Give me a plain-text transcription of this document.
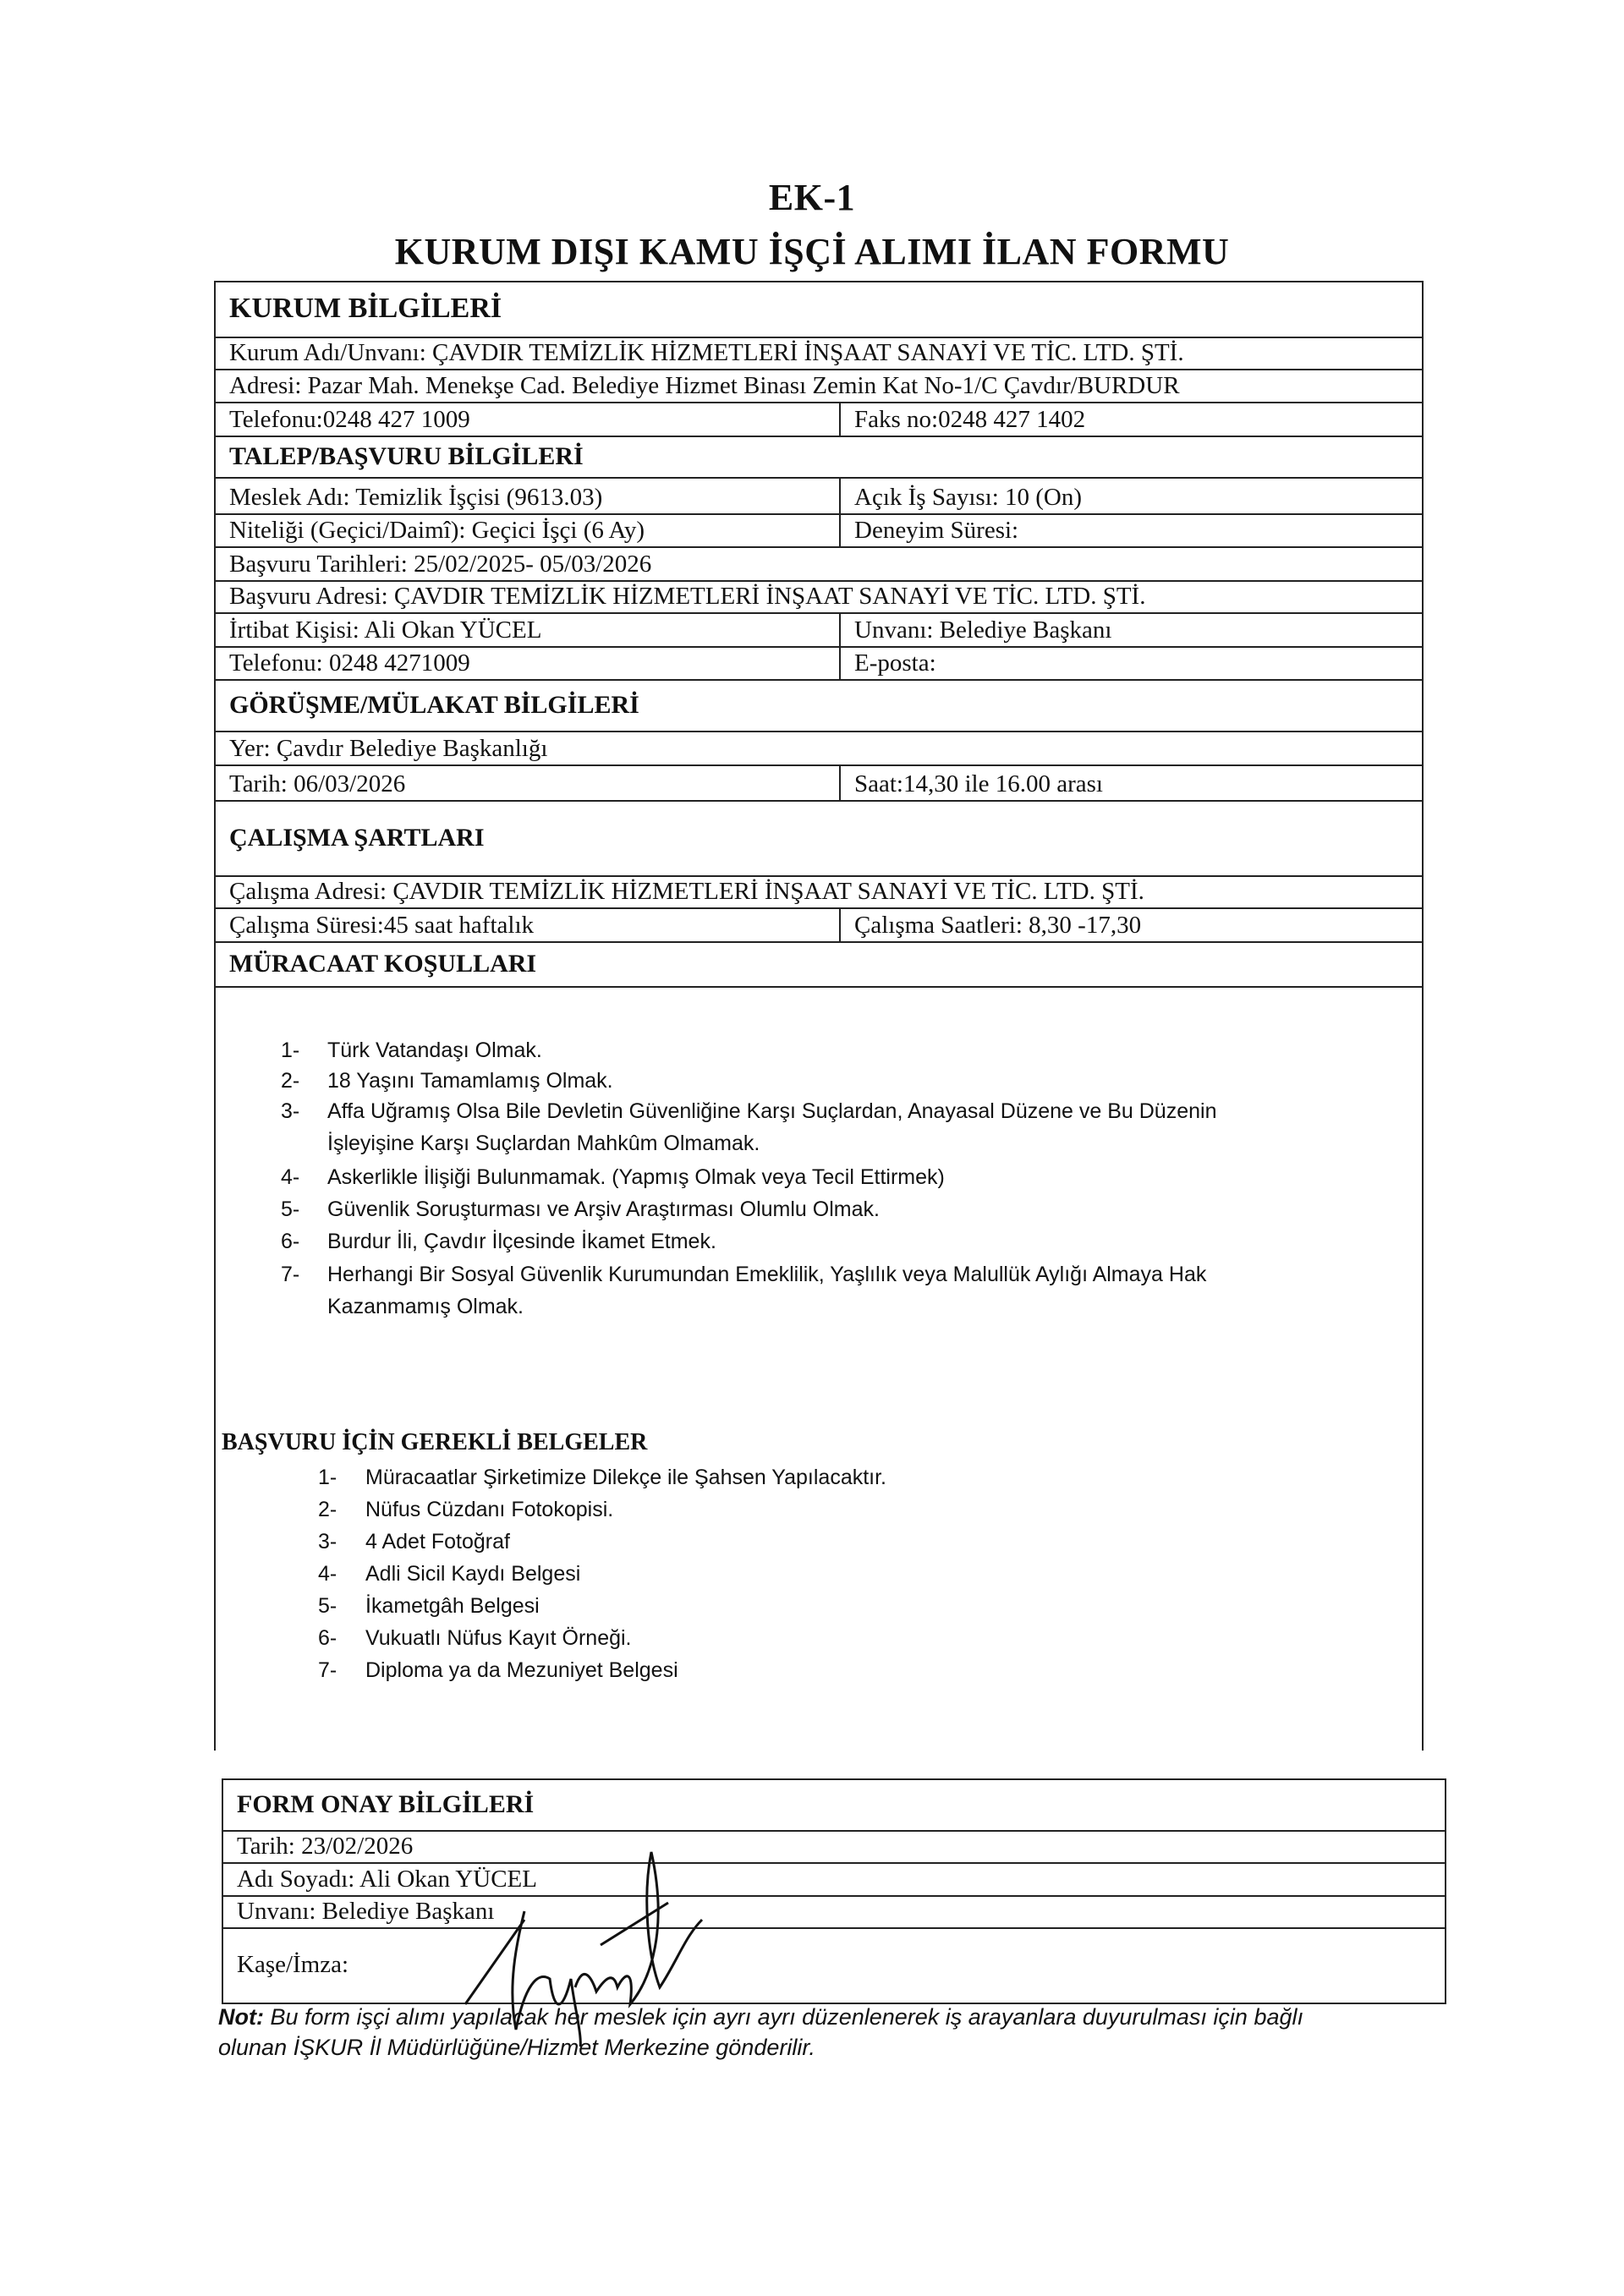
EK-1
KURUM DIŞI KAMU İŞÇİ ALIMI İLAN FORMU
KURUM BİLGİLERİ
Kurum Adı/Unvanı: ÇAVDIR TEMİZLİK HİZMETLERİ İNŞAAT SANAYİ VE TİC. LTD. ŞTİ.
Adresi: Pazar Mah. Menekşe Cad. Belediye Hizmet Binası Zemin Kat No-1/C Çavdır/BURDUR
Telefonu:0248 427 1009	Faks no:0248 427 1402
TALEP/BAŞVURU BİLGİLERİ
Meslek Adı: Temizlik İşçisi (9613.03)	Açık İş Sayısı: 10 (On)
Niteliği (Geçici/Daimî): Geçici İşçi (6 Ay)	Deneyim Süresi:
Başvuru Tarihleri: 25/02/2025- 05/03/2026
Başvuru Adresi: ÇAVDIR TEMİZLİK HİZMETLERİ İNŞAAT SANAYİ VE TİC. LTD. ŞTİ.
İrtibat Kişisi: Ali Okan YÜCEL	Unvanı: Belediye Başkanı
Telefonu: 0248 4271009	E-posta:
GÖRÜŞME/MÜLAKAT BİLGİLERİ
Yer: Çavdır Belediye Başkanlığı
Tarih: 06/03/2026	Saat:14,30 ile 16.00 arası
ÇALIŞMA ŞARTLARI
Çalışma Adresi: ÇAVDIR TEMİZLİK HİZMETLERİ İNŞAAT SANAYİ VE TİC. LTD. ŞTİ.
Çalışma Süresi:45 saat haftalık	Çalışma Saatleri: 8,30 -17,30
MÜRACAAT KOŞULLARI
1- Türk Vatandaşı Olmak.
2- 18 Yaşını Tamamlamış Olmak.
3- Affa Uğramış Olsa Bile Devletin Güvenliğine Karşı Suçlardan, Anayasal Düzene ve Bu Düzenin
İşleyişine Karşı Suçlardan Mahkûm Olmamak.
4- Askerlikle İlişiği Bulunmamak. (Yapmış Olmak veya Tecil Ettirmek)
5- Güvenlik Soruşturması ve Arşiv Araştırması Olumlu Olmak.
6- Burdur İli, Çavdır İlçesinde İkamet Etmek.
7- Herhangi Bir Sosyal Güvenlik Kurumundan Emeklilik, Yaşlılık veya Malullük Aylığı Almaya Hak
Kazanmamış Olmak.
BAŞVURU İÇİN GEREKLİ BELGELER
1- Müracaatlar Şirketimize Dilekçe ile Şahsen Yapılacaktır.
2- Nüfus Cüzdanı Fotokopisi.
3- 4 Adet Fotoğraf
4- Adli Sicil Kaydı Belgesi
5- İkametgâh Belgesi
6- Vukuatlı Nüfus Kayıt Örneği.
7- Diploma ya da Mezuniyet Belgesi
FORM ONAY BİLGİLERİ
Tarih: 23/02/2026
Adı Soyadı: Ali Okan YÜCEL
Unvanı: Belediye Başkanı
Kaşe/İmza:
Not: Bu form işçi alımı yapılacak her meslek için ayrı ayrı düzenlenerek iş arayanlara duyurulması için bağlı
olunan İŞKUR İl Müdürlüğüne/Hizmet Merkezine gönderilir.
